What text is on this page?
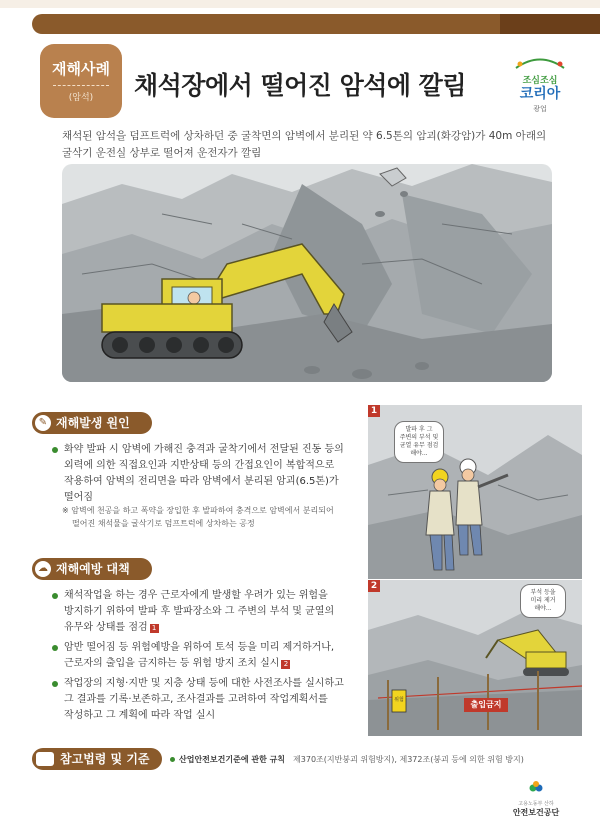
재해사례
(암석)	채석장에서 떨어진 암석에 깔림	조심조심
코리아
광업
채석된 암석을 덤프트럭에 상차하던 중 굴착면의 암벽에서 분리된 약 6.5톤의 암괴(화강암)가 40m 아래의
굴삭기 운전실 상부로 떨어져 운전자가 깔림
✎ 재해발생 원인
화약 발파 시 암벽에 가해진 충격과 굴착기에서 전달된 진동 등의
외력에 의한 직접요인과 지반상태 등의 간접요인이 복합적으로
작용하여 암벽의 전리면을 따라 암벽에서 분리된 암괴(6.5톤)가
떨어짐
※ 암벽에 천공을 하고 폭약을 장입한 후 발파하여 충격으로 암벽에서 분리되어
떨어진 채석물을 굴삭기로 덤프트럭에 상차하는 공정
☁ 재해예방 대책
채석작업을 하는 경우 근로자에게 발생할 우려가 있는 위험을
방지하기 위하여 발파 후 발파장소와 그 주변의 부석 및 균열의
유무와 상태를 점검 1
암반 떨어짐 등 위험예방을 위하여 토석 등을 미리 제거하거나,
근로자의 출입을 금지하는 등 위험 방지 조치 실시 2
작업장의 지형·지반 및 지층 상태 등에 대한 사전조사를 실시하고
그 결과를 기록·보존하고, 조사결과를 고려하여 작업계획서를
작성하고 그 계획에 따라 작업 실시
1
발파 후 그
주변의 부석 및
균열 유무 점검
해야...
2
부석 등을
미리 제거
해야...
위험	출입금지
참고법령 및 기준	산업안전보건기준에 관한 규칙 제370조(지반붕괴 위험방지), 제372조(붕괴 등에 의한 위험 방지)
고용노동부 산하
안전보건공단
